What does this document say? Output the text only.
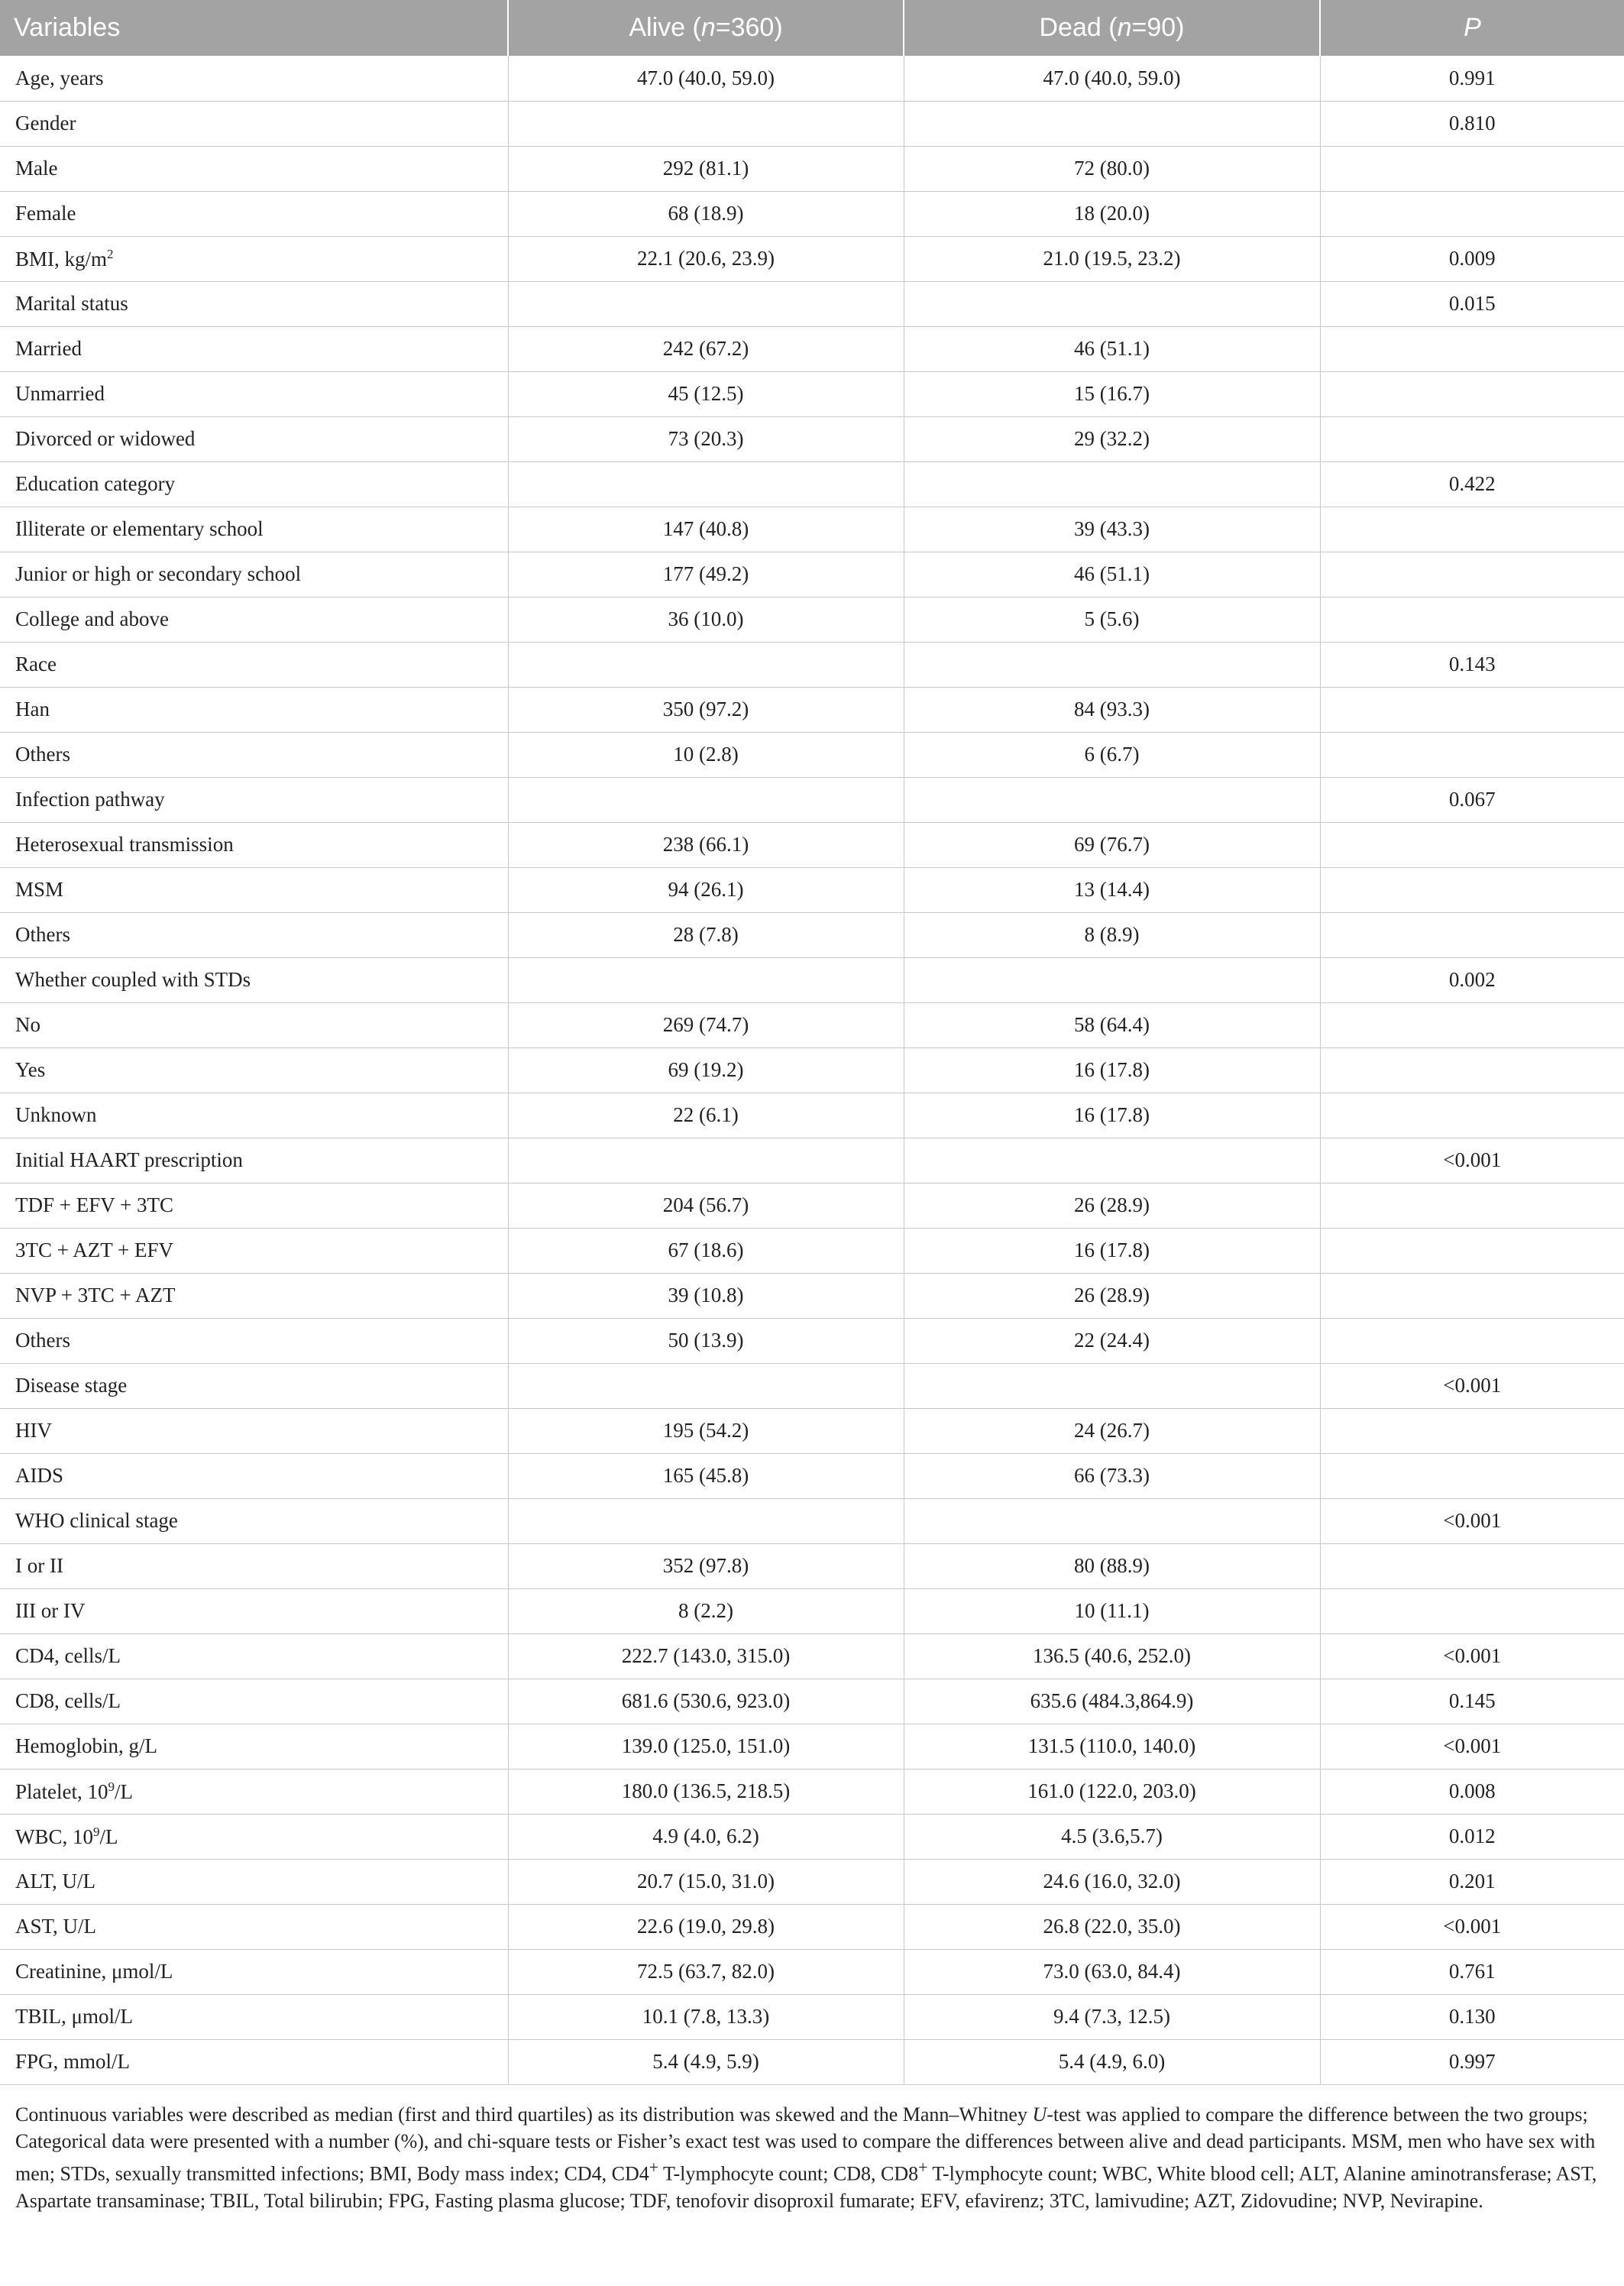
Variables	Alive (n=360)	Dead (n=90)	P
Age, years	47.0 (40.0, 59.0)	47.0 (40.0, 59.0)	0.991
Gender			0.810
Male	292 (81.1)	72 (80.0)	
Female	68 (18.9)	18 (20.0)	
BMI, $kg/m^2$	22.1 (20.6, 23.9)	21.0 (19.5, 23.2)	0.009
Marital status			0.015
Married	242 (67.2)	46 (51.1)	
Unmarried	45 (12.5)	15 (16.7)	
Divorced or widowed	73 (20.3)	29 (32.2)	
Education category			0.422
Illiterate or elementary school	147 (40.8)	39 (43.3)	
Junior or high or secondary school	177 (49.2)	46 (51.1)	
College and above	36 (10.0)	5 (5.6)	
Race			0.143
Han	350 (97.2)	84 (93.3)	
Others	10 (2.8)	6 (6.7)	
Infection pathway			0.067
Heterosexual transmission	238 (66.1)	69 (76.7)	
MSM	94 (26.1)	13 (14.4)	
Others	28 (7.8)	8 (8.9)	
Whether coupled with STDs			0.002
No	269 (74.7)	58 (64.4)	
Yes	69 (19.2)	16 (17.8)	
Unknown	22 (6.1)	16 (17.8)	
Initial HAART prescription			<0.001
TDF + EFV + 3TC	204 (56.7)	26 (28.9)	
3TC + AZT + EFV	67 (18.6)	16 (17.8)	
NVP + 3TC + AZT	39 (10.8)	26 (28.9)	
Others	50 (13.9)	22 (24.4)	
Disease stage			<0.001
HIV	195 (54.2)	24 (26.7)	
AIDS	165 (45.8)	66 (73.3)	
WHO clinical stage			<0.001
I or II	352 (97.8)	80 (88.9)	
III or IV	8 (2.2)	10 (11.1)	
CD4, cells/L	222.7 (143.0, 315.0)	136.5 (40.6, 252.0)	<0.001
CD8, cells/L	681.6 (530.6, 923.0)	635.6 (484.3,864.9)	0.145
Hemoglobin, g/L	139.0 (125.0, 151.0)	131.5 (110.0, 140.0)	<0.001
Platelet, $10^9/L$	180.0 (136.5, 218.5)	161.0 (122.0, 203.0)	0.008
WBC, $10^9/L$	4.9 (4.0, 6.2)	4.5 (3.6,5.7)	0.012
ALT, U/L	20.7 (15.0, 31.0)	24.6 (16.0, 32.0)	0.201
AST, U/L	22.6 (19.0, 29.8)	26.8 (22.0, 35.0)	<0.001
Creatinine, μmol/L	72.5 (63.7, 82.0)	73.0 (63.0, 84.4)	0.761
TBIL, μmol/L	10.1 (7.8, 13.3)	9.4 (7.3, 12.5)	0.130
FPG, mmol/L	5.4 (4.9, 5.9)	5.4 (4.9, 6.0)	0.997

Continuous variables were described as median (first and third quartiles) as its distribution was skewed and the Mann–Whitney U-test was applied to compare the difference between the two groups; Categorical data were presented with a number (%), and chi-square tests or Fisher’s exact test was used to compare the differences between alive and dead participants. MSM, men who have sex with men; STDs, sexually transmitted infections; BMI, Body mass index; CD4, CD4+ T-lymphocyte count; CD8, CD8+ T-lymphocyte count; WBC, White blood cell; ALT, Alanine aminotransferase; AST, Aspartate transaminase; TBIL, Total bilirubin; FPG, Fasting plasma glucose; TDF, tenofovir disoproxil fumarate; EFV, efavirenz; 3TC, lamivudine; AZT, Zidovudine; NVP, Nevirapine.
